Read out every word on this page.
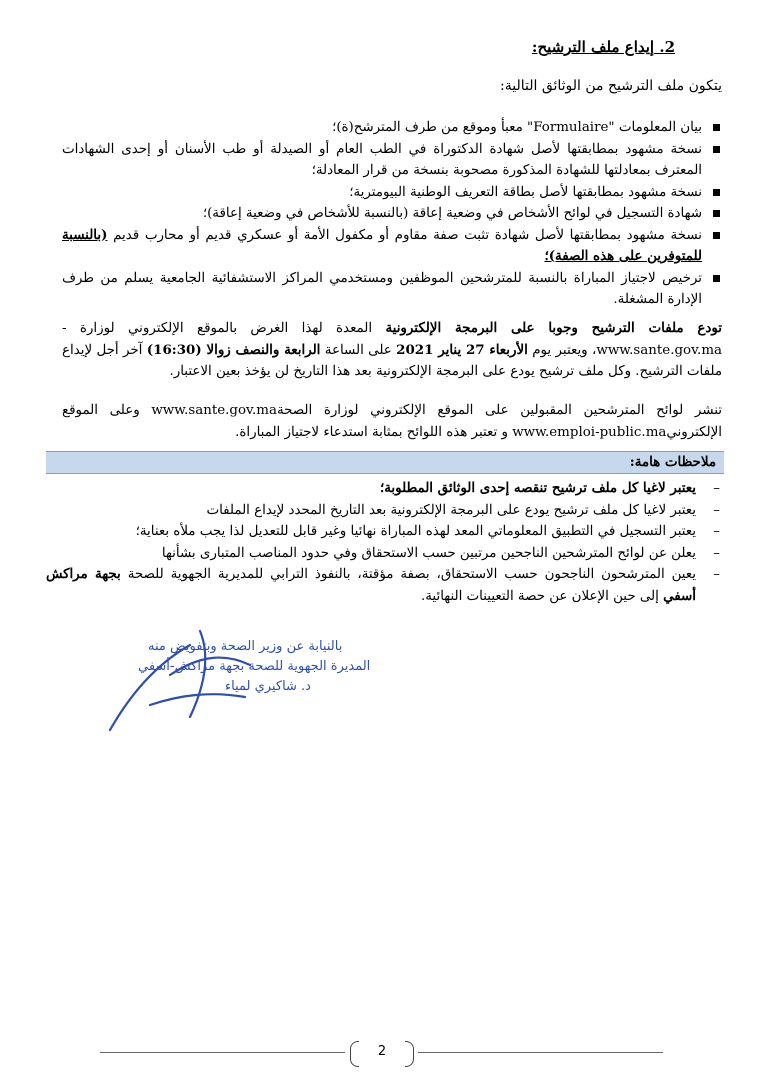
2. إيداع ملف الترشيح:
يتكون ملف الترشيح من الوثائق التالية:
بيان المعلومات "Formulaire" معبأ وموقع من طرف المترشح(ة)؛
نسخة مشهود بمطابقتها لأصل شهادة الدكتوراة في الطب العام أو الصيدلة أو طب الأسنان أو إحدى الشهادات المعترف بمعادلتها للشهادة المذكورة مصحوبة بنسخة من قرار المعادلة؛
نسخة مشهود بمطابقتها لأصل بطاقة التعريف الوطنية البيومترية؛
شهادة التسجيل في لوائح الأشخاص في وضعية إعاقة (بالنسبة للأشخاص في وضعية إعاقة)؛
نسخة مشهود بمطابقتها لأصل شهادة تثبت صفة مقاوم أو مكفول الأمة أو عسكري قديم أو محارب قديم (بالنسبة للمتوفرين على هذه الصفة)؛
ترخيص لاجتياز المباراة بالنسبة للمترشحين الموظفين ومستخدمي المراكز الاستشفائية الجامعية يسلم من طرف الإدارة المشغلة.
تودع ملفات الترشيح وجوبا على البرمجة الإلكترونية المعدة لهذا الغرض بالموقع الإلكتروني لوزارة -www.sante.gov.ma، ويعتبر يوم الأربعاء 27 يناير 2021 على الساعة الرابعة والنصف زوالا (16:30) آخر أجل لإيداع ملفات الترشيح. وكل ملف ترشيح يودع على البرمجة الإلكترونية بعد هذا التاريخ لن يؤخذ بعين الاعتبار.
تنشر لوائح المترشحين المقبولين على الموقع الإلكتروني لوزارة الصحةwww.sante.gov.ma وعلى الموقع الإلكترونيwww.emploi-public.ma و تعتبر هذه اللوائح بمثابة استدعاء لاجتياز المباراة.
ملاحظات هامة:
–
يعتبر لاغيا كل ملف ترشيح تنقصه إحدى الوثائق المطلوبة؛
–
يعتبر لاغيا كل ملف ترشيح يودع على البرمجة الإلكترونية بعد التاريخ المحدد لإيداع الملفات
–
يعتبر التسجيل في التطبيق المعلوماتي المعد لهذه المباراة نهائيا وغير قابل للتعديل لذا يجب ملأه بعناية؛
–
يعلن عن لوائح المترشحين الناجحين مرتبين حسب الاستحقاق وفي حدود المناصب المتبارى بشأنها
–
يعين المترشحون الناجحون حسب الاستحقاق، بصفة مؤقتة، بالنفوذ الترابي للمديرية الجهوية للصحة بجهة مراكش أسفي إلى حين الإعلان عن حصة التعيينات النهائية.
بالنيابة عن وزير الصحة وبتفويض منه
المديرة الجهوية للصحة بجهة مراكش-أسفي
د. شاكيري لمياء
2
